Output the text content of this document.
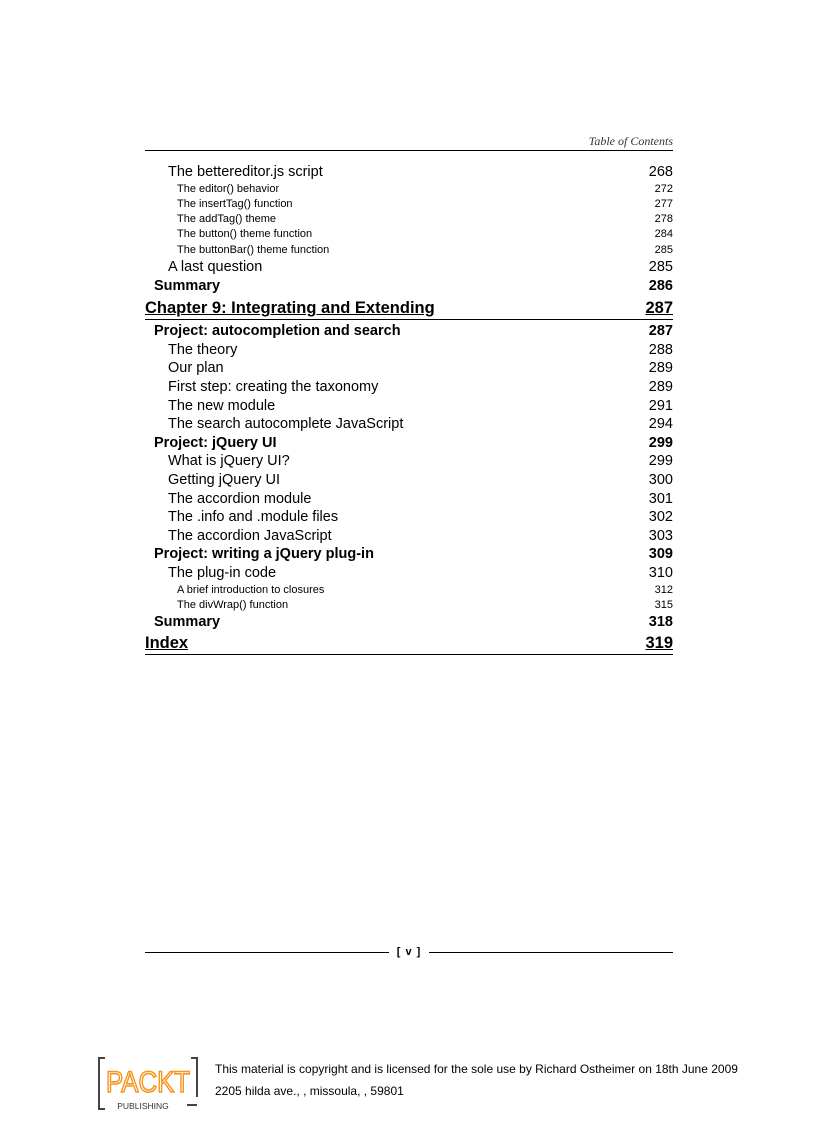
Table of Contents
The bettereditor.js script	268
The editor() behavior	272
The insertTag() function	277
The addTag() theme	278
The button() theme function	284
The buttonBar() theme function	285
A last question	285
Summary	286
Chapter 9: Integrating and Extending	287
Project: autocompletion and search	287
The theory	288
Our plan	289
First step: creating the taxonomy	289
The new module	291
The search autocomplete JavaScript	294
Project: jQuery UI	299
What is jQuery UI?	299
Getting jQuery UI	300
The accordion module	301
The .info and .module files	302
The accordion JavaScript	303
Project: writing a jQuery plug-in	309
The plug-in code	310
A brief introduction to closures	312
The divWrap() function	315
Summary	318
Index	319
[ v ]
PACKT
PUBLISHING
This material is copyright and is licensed for the sole use by Richard Ostheimer on 18th June 2009
2205 hilda ave., , missoula, , 59801
